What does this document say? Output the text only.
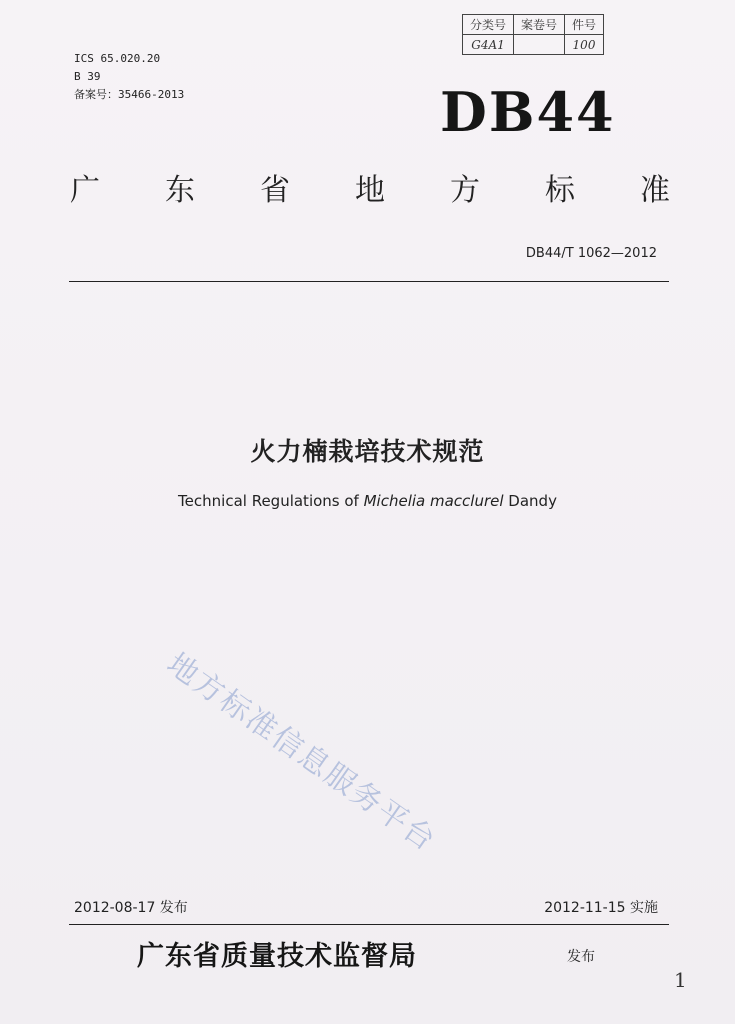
ICS 65.020.20
B 39
备案号：35466-2013
分类号	案卷号	件号
G4A1		100
DB44
广 东 省 地 方 标 准
DB44/T 1062—2012
火力楠栽培技术规范
Technical Regulations of Michelia macclurel Dandy
地方标准信息服务平台
2012-08-17 发布	2012-11-15 实施
广东省质量技术监督局	发布
1
